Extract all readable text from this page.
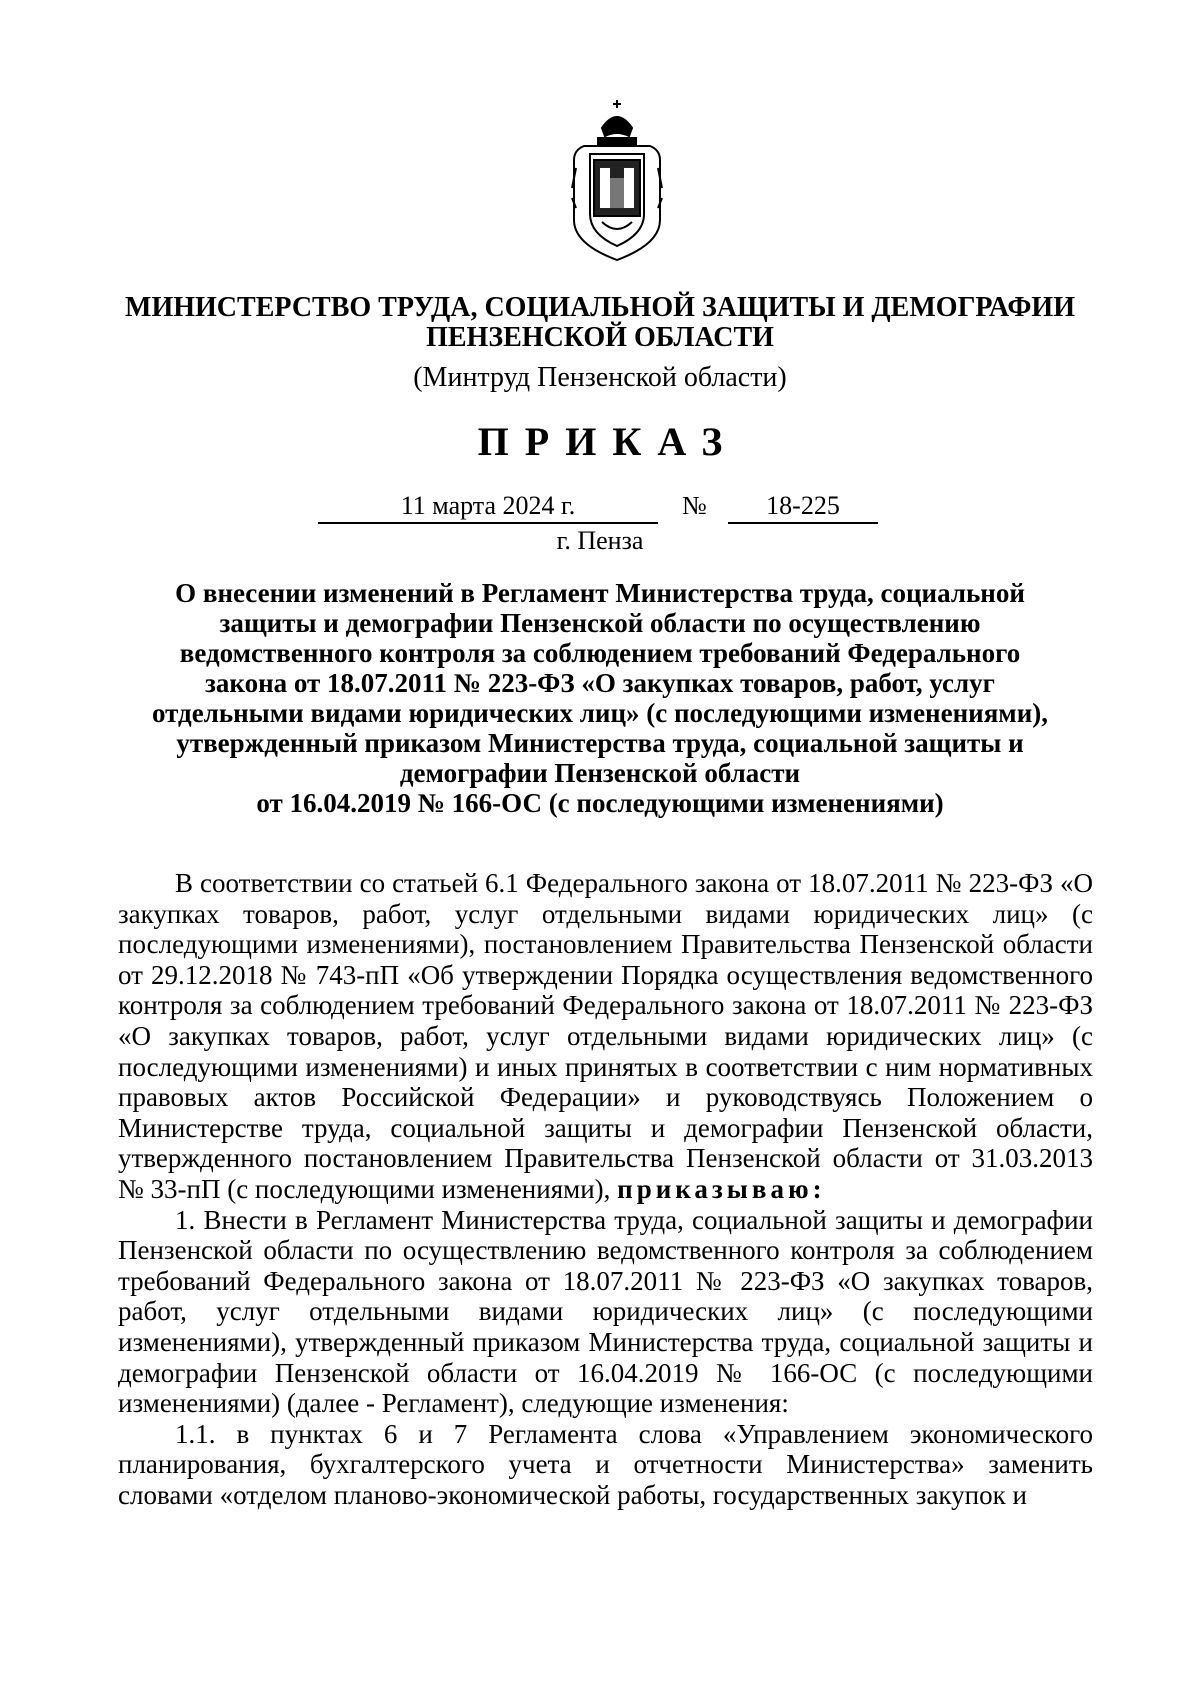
МИНИСТЕРСТВО ТРУДА, СОЦИАЛЬНОЙ ЗАЩИТЫ И ДЕМОГРАФИИ
ПЕНЗЕНСКОЙ ОБЛАСТИ
(Минтруд Пензенской области)
ПРИКАЗ
11 марта 2024 г.	№	18-225
г. Пенза
О внесении изменений в Регламент Министерства труда, социальной
защиты и демографии Пензенской области по осуществлению
ведомственного контроля за соблюдением требований Федерального
закона от 18.07.2011 № 223-ФЗ «О закупках товаров, работ, услуг
отдельными видами юридических лиц» (с последующими изменениями),
утвержденный приказом Министерства труда, социальной защиты и
демографии Пензенской области
от 16.04.2019 № 166-ОС (с последующими изменениями)

В соответствии со статьей 6.1 Федерального закона от 18.07.2011 № 223-ФЗ «О закупках товаров, работ, услуг отдельными видами юридических лиц» (с последующими изменениями), постановлением Правительства Пензенской области от 29.12.2018 № 743-пП «Об утверждении Порядка осуществления ведомственного контроля за соблюдением требований Федерального закона от 18.07.2011 № 223-ФЗ «О закупках товаров, работ, услуг отдельными видами юридических лиц» (с последующими изменениями) и иных принятых в соответствии с ним нормативных правовых актов Российской Федерации» и руководствуясь Положением о Министерстве труда, социальной защиты и демографии Пензенской области, утвержденного постановлением Правительства Пензенской области от 31.03.2013 № 33-пП (с последующими изменениями), приказываю:

1. Внести в Регламент Министерства труда, социальной защиты и демографии Пензенской области по осуществлению ведомственного контроля за соблюдением требований Федерального закона от 18.07.2011 № 223-ФЗ «О закупках товаров, работ, услуг отдельными видами юридических лиц» (с последующими изменениями), утвержденный приказом Министерства труда, социальной защиты и демографии Пензенской области от 16.04.2019 № 166-ОС (с последующими изменениями) (далее - Регламент), следующие изменения:

1.1. в пунктах 6 и 7 Регламента слова «Управлением экономического планирования, бухгалтерского учета и отчетности Министерства» заменить словами «отделом планово-экономической работы, государственных закупок и
